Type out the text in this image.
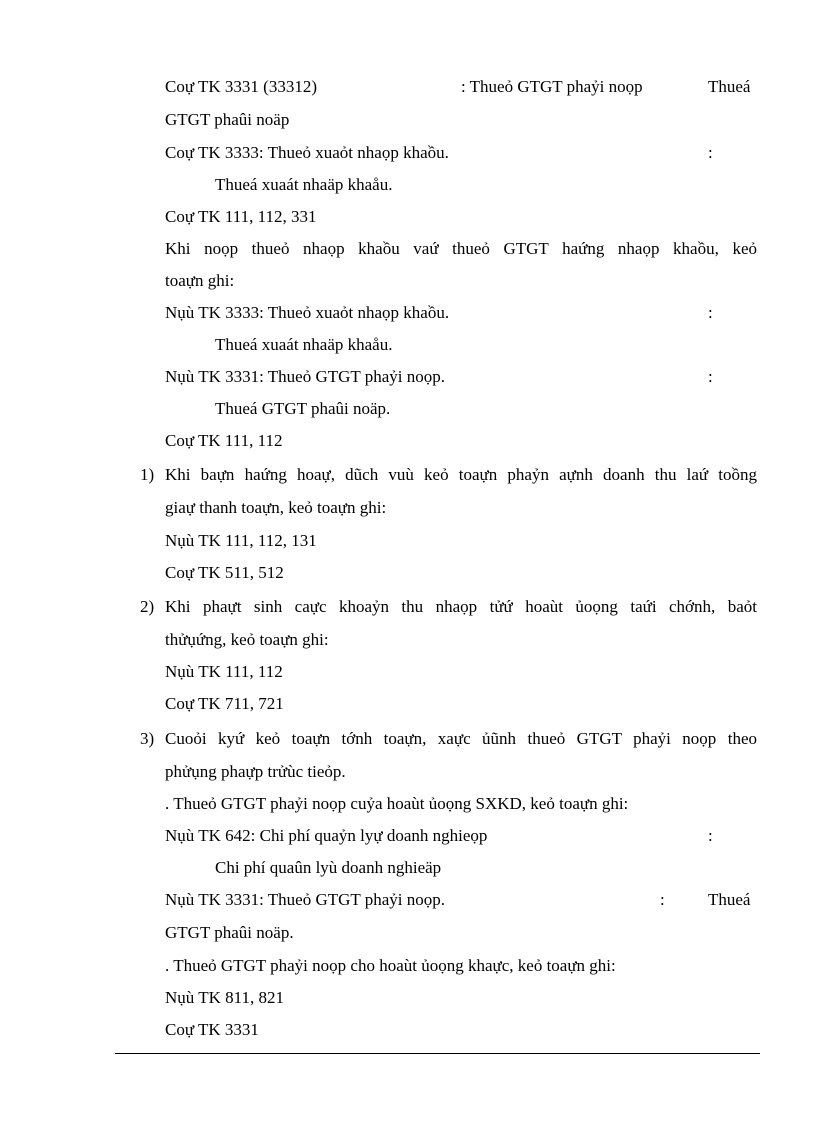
Coự TK 3331 (33312)	: Thueỏ GTGT phaỷi noọp	Thueá
GTGT phaûi noäp
Coự TK 3333: Thueỏ xuaỏt nhaọp khaồu.	:
Thueá xuaát nhaäp khaåu.
Coự TK 111, 112, 331
Khi noọp thueỏ nhaọp khaồu vaứ thueỏ GTGT haứng nhaọp khaồu, keỏ
toaựn ghi:
Nụù TK 3333: Thueỏ xuaỏt nhaọp khaồu.	:
Thueá xuaát nhaäp khaåu.
Nụù TK 3331: Thueỏ GTGT phaỷi noọp.	:
Thueá GTGT phaûi noäp.
Coự TK 111, 112
1) Khi baựn haứng hoaự, dũch vuù keỏ toaựn phaỷn aựnh doanh thu laứ toồng
giaự thanh toaựn, keỏ toaựn ghi:
Nụù TK 111, 112, 131
Coự TK 511, 512
2) Khi phaựt sinh caực khoaỷn thu nhaọp tửứ hoaùt ủoọng taứi chớnh, baỏt
thửụứng, keỏ toaựn ghi:
Nụù TK 111, 112
Coự TK 711, 721
3) Cuoỏi kyứ keỏ toaựn tớnh toaựn, xaực ủũnh thueỏ GTGT phaỷi noọp theo
phửụng phaựp trửùc tieỏp.
. Thueỏ GTGT phaỷi noọp cuỷa hoaùt ủoọng SXKD, keỏ toaựn ghi:
Nụù TK 642: Chi phí quaỷn lyự doanh nghieọp	:
Chi phí quaûn lyù doanh nghieäp
Nụù TK 3331: Thueỏ GTGT phaỷi noọp.	:	Thueá
GTGT phaûi noäp.
. Thueỏ GTGT phaỷi noọp cho hoaùt ủoọng khaực, keỏ toaựn ghi:
Nụù TK 811, 821
Coự TK 3331
